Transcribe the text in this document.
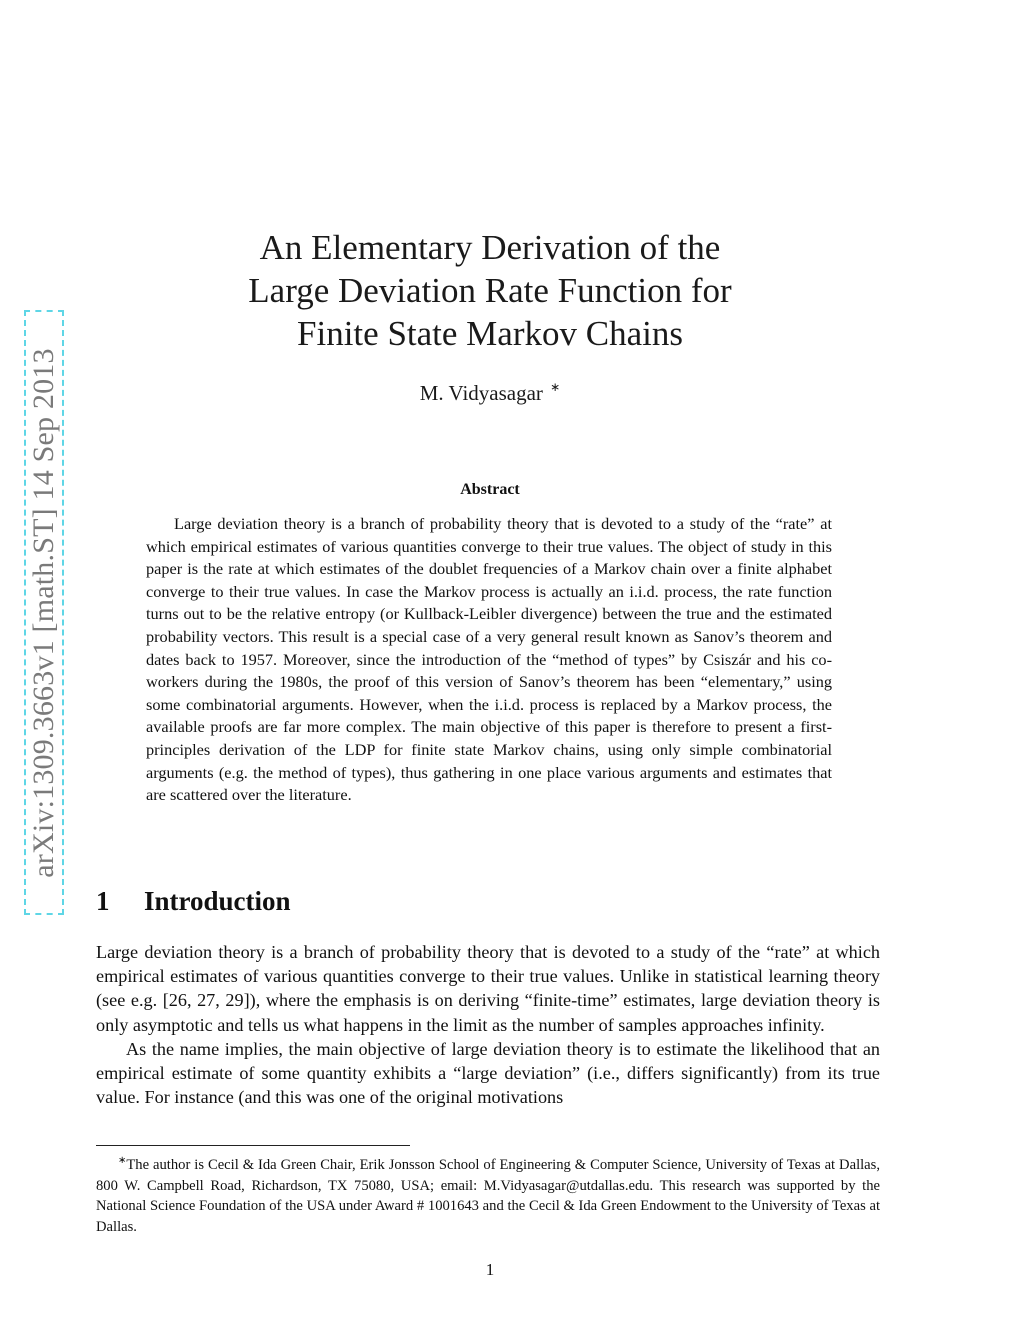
arXiv:1309.3663v1 [math.ST] 14 Sep 2013
An Elementary Derivation of the
Large Deviation Rate Function for
Finite State Markov Chains
M. Vidyasagar ∗
Abstract

Large deviation theory is a branch of probability theory that is devoted to a study of the “rate” at which empirical estimates of various quantities converge to their true values. The object of study in this paper is the rate at which estimates of the doublet frequencies of a Markov chain over a finite alphabet converge to their true values. In case the Markov process is actually an i.i.d. process, the rate function turns out to be the relative entropy (or Kullback-Leibler divergence) between the true and the estimated probability vectors. This result is a special case of a very general result known as Sanov’s theorem and dates back to 1957. Moreover, since the introduction of the “method of types” by Csiszár and his co-workers during the 1980s, the proof of this version of Sanov’s theorem has been “elementary,” using some combinatorial arguments. However, when the i.i.d. process is replaced by a Markov process, the available proofs are far more complex. The main objective of this paper is therefore to present a first-principles derivation of the LDP for finite state Markov chains, using only simple combinatorial arguments (e.g. the method of types), thus gathering in one place various arguments and estimates that are scattered over the literature.

1 Introduction

Large deviation theory is a branch of probability theory that is devoted to a study of the “rate” at which empirical estimates of various quantities converge to their true values. Unlike in statistical learning theory (see e.g. [26, 27, 29]), where the emphasis is on deriving “finite-time” estimates, large deviation theory is only asymptotic and tells us what happens in the limit as the number of samples approaches infinity.

As the name implies, the main objective of large deviation theory is to estimate the likelihood that an empirical estimate of some quantity exhibits a “large deviation” (i.e., differs significantly) from its true value. For instance (and this was one of the original motivations

∗The author is Cecil & Ida Green Chair, Erik Jonsson School of Engineering & Computer Science, University of Texas at Dallas, 800 W. Campbell Road, Richardson, TX 75080, USA; email: M.Vidyasagar@utdallas.edu. This research was supported by the National Science Foundation of the USA under Award # 1001643 and the Cecil & Ida Green Endowment to the University of Texas at Dallas.

1
